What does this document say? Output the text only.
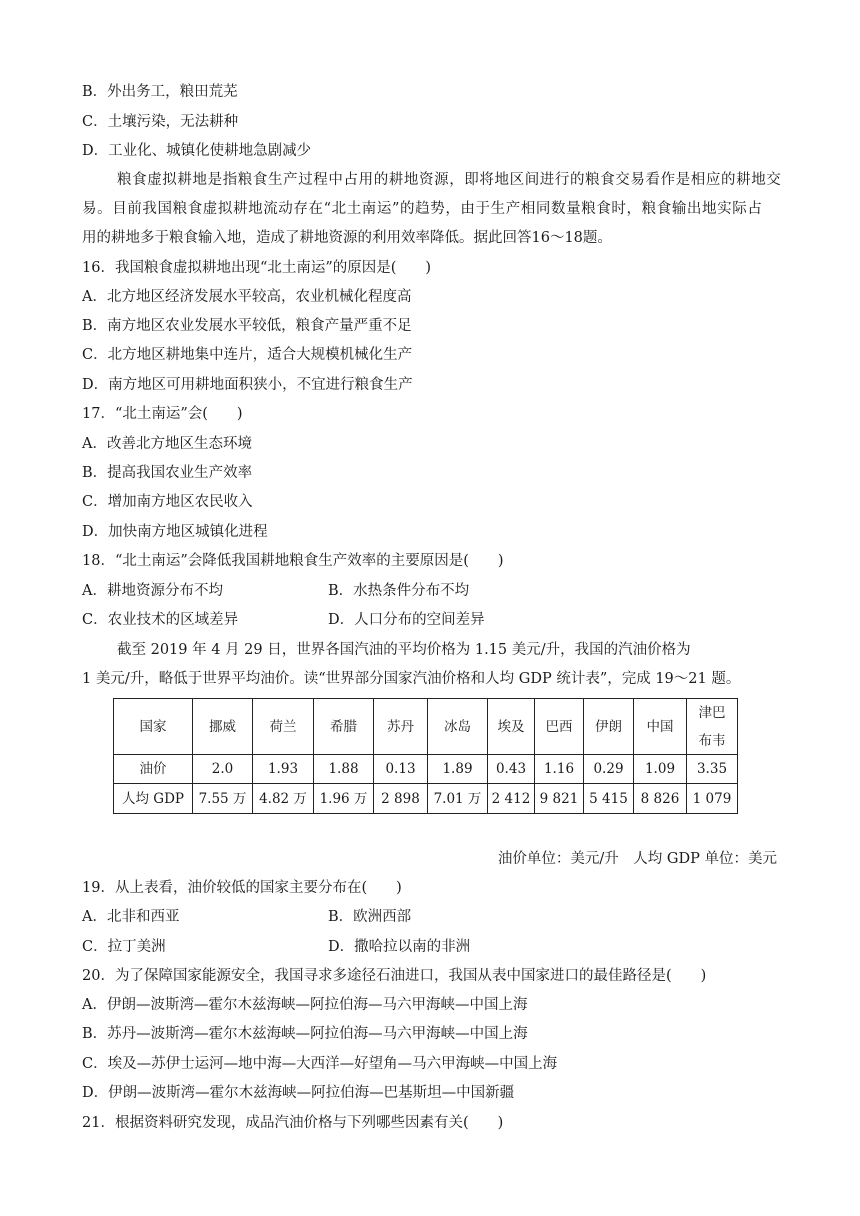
B．外出务工，粮田荒芜
C．土壤污染，无法耕种
D．工业化、城镇化使耕地急剧减少
粮食虚拟耕地是指粮食生产过程中占用的耕地资源，即将地区间进行的粮食交易看作是相应的耕地交
易。目前我国粮食虚拟耕地流动存在“北土南运”的趋势，由于生产相同数量粮食时，粮食输出地实际占
用的耕地多于粮食输入地，造成了耕地资源的利用效率降低。据此回答16～18题。
16．我国粮食虚拟耕地出现“北土南运”的原因是(　　)
A．北方地区经济发展水平较高，农业机械化程度高
B．南方地区农业发展水平较低，粮食产量严重不足
C．北方地区耕地集中连片，适合大规模机械化生产
D．南方地区可用耕地面积狭小，不宜进行粮食生产
17．“北土南运”会(　　)
A．改善北方地区生态环境
B．提高我国农业生产效率
C．增加南方地区农民收入
D．加快南方地区城镇化进程
18．“北土南运”会降低我国耕地粮食生产效率的主要原因是(　　)
A．耕地资源分布不均	B．水热条件分布不均
C．农业技术的区域差异	D．人口分布的空间差异
截至 2019 年 4 月 29 日，世界各国汽油的平均价格为 1.15 美元/升，我国的汽油价格为
1 美元/升，略低于世界平均油价。读“世界部分国家汽油价格和人均 GDP 统计表”，完成 19～21 题。
国家	挪威	荷兰	希腊	苏丹	冰岛	埃及	巴西	伊朗	中国	津巴
布韦

油价	2.0	1.93	1.88	0.13	1.89	0.43	1.16	0.29	1.09	3.35
人均 GDP	7.55 万	4.82 万	1.96 万	2 898	7.01 万	2 412	9 821	5 415	8 826	1 079
油价单位：美元/升　人均 GDP 单位：美元
19．从上表看，油价较低的国家主要分布在(　　)
A．北非和西亚	B．欧洲西部
C．拉丁美洲	D．撒哈拉以南的非洲
20．为了保障国家能源安全，我国寻求多途径石油进口，我国从表中国家进口的最佳路径是(　　)
A．伊朗—波斯湾—霍尔木兹海峡—阿拉伯海—马六甲海峡—中国上海
B．苏丹—波斯湾—霍尔木兹海峡—阿拉伯海—马六甲海峡—中国上海
C．埃及—苏伊士运河—地中海—大西洋—好望角—马六甲海峡—中国上海
D．伊朗—波斯湾—霍尔木兹海峡—阿拉伯海—巴基斯坦—中国新疆
21．根据资料研究发现，成品汽油价格与下列哪些因素有关(　　)
